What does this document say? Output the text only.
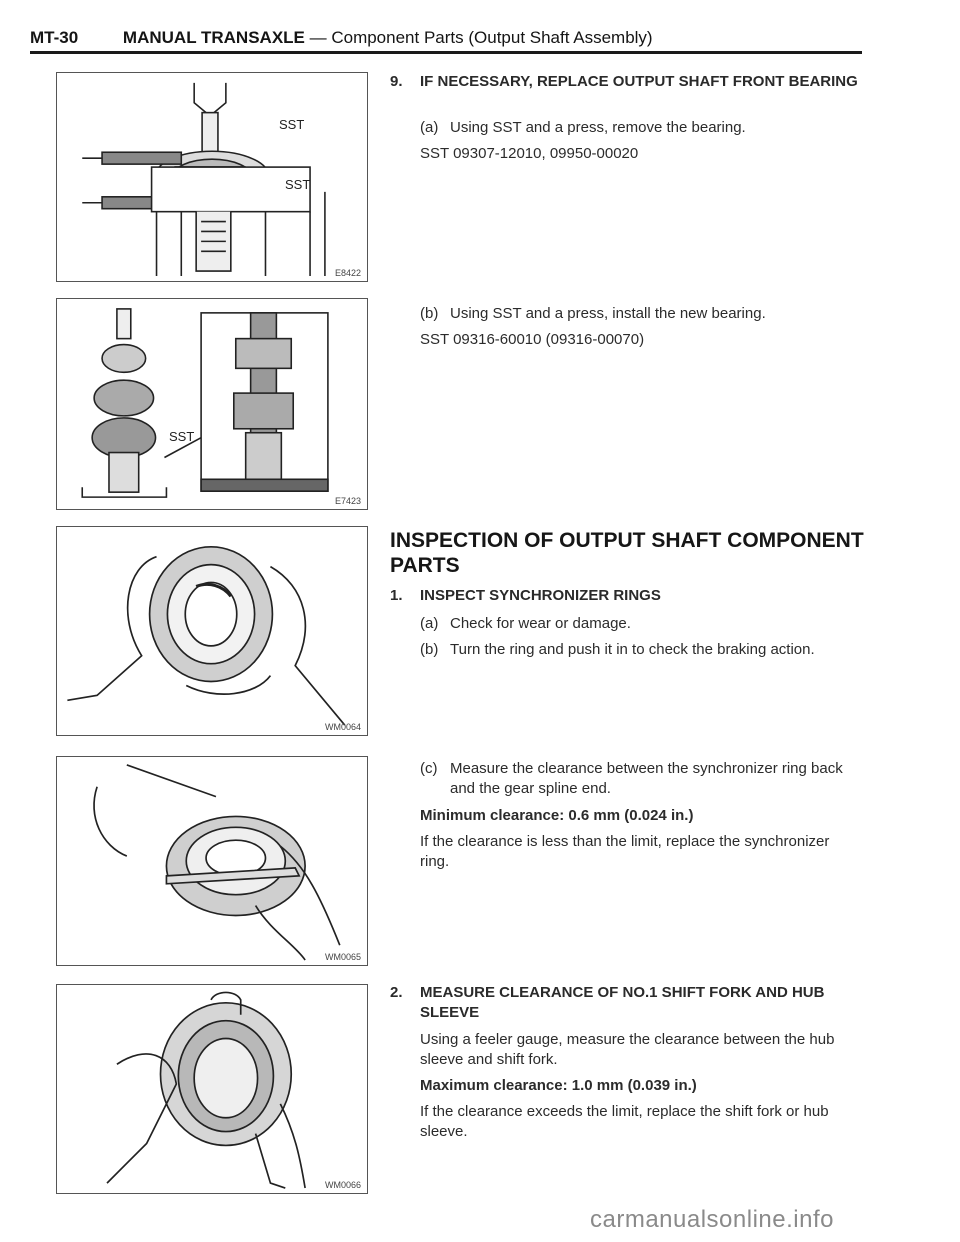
MT-30	MANUAL TRANSAXLE — Component Parts (Output Shaft Assembly)
SST
SST
E8422
SST
E7423
WM0064
WM0065
WM0066
9. IF NECESSARY, REPLACE OUTPUT SHAFT FRONT BEARING
(a) Using SST and a press, remove the bearing.
SST 09307-12010, 09950-00020
(b) Using SST and a press, install the new bearing.
SST 09316-60010 (09316-00070)
INSPECTION OF OUTPUT SHAFT COMPONENT PARTS
1. INSPECT SYNCHRONIZER RINGS
(a) Check for wear or damage.
(b) Turn the ring and push it in to check the braking action.
(c) Measure the clearance between the synchronizer ring back and the gear spline end.
Minimum clearance: 0.6 mm (0.024 in.)
If the clearance is less than the limit, replace the synchronizer ring.
2. MEASURE CLEARANCE OF NO.1 SHIFT FORK AND HUB SLEEVE
Using a feeler gauge, measure the clearance between the hub sleeve and shift fork.
Maximum clearance: 1.0 mm (0.039 in.)
If the clearance exceeds the limit, replace the shift fork or hub sleeve.
carmanualsonline.info
